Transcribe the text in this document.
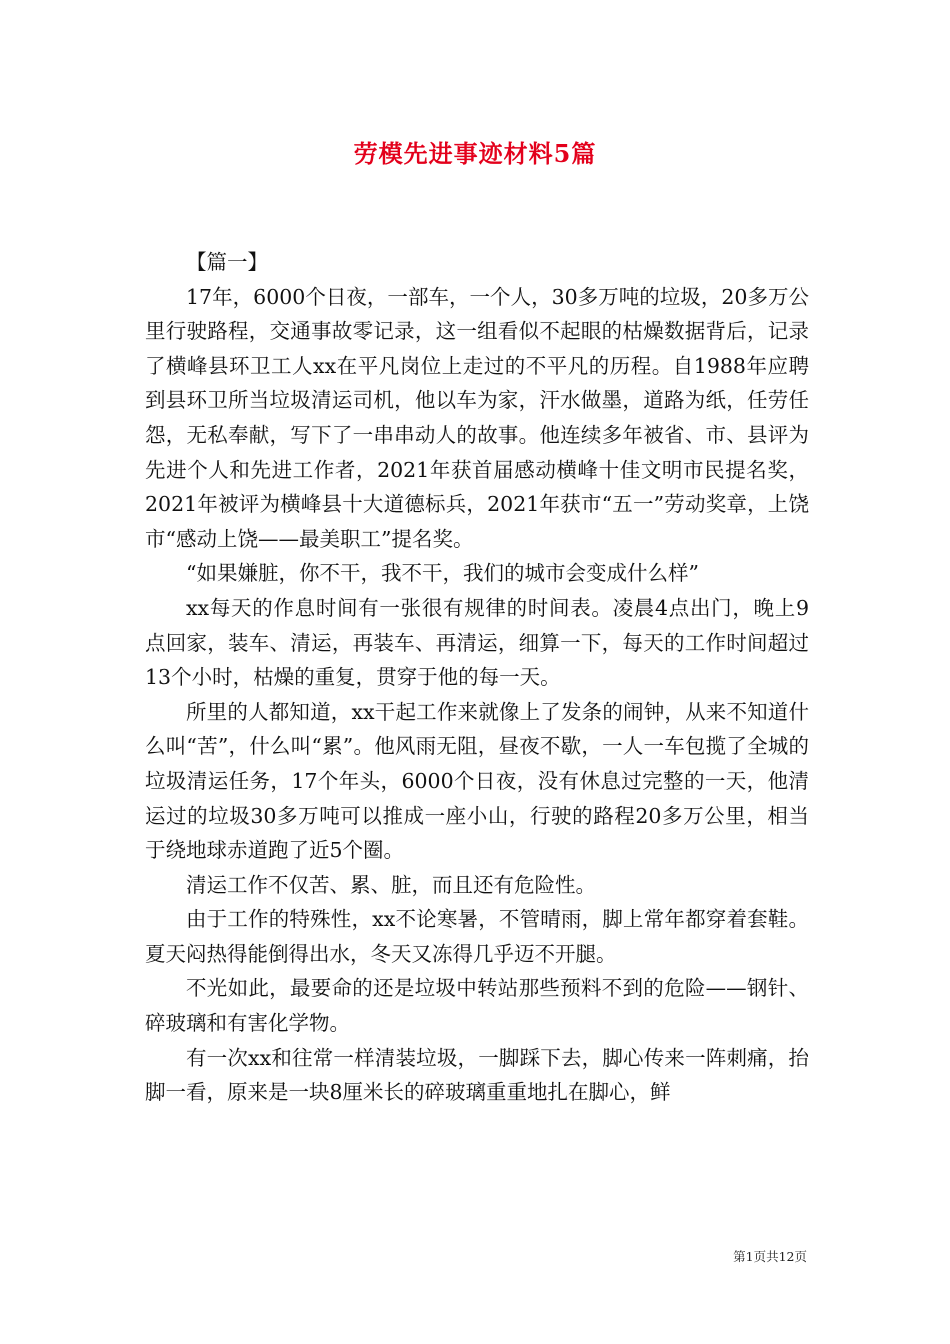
劳模先进事迹材料5篇

【篇一】

17年，6000个日夜，一部车，一个人，30多万吨的垃圾，20多万公里行驶路程，交通事故零记录，这一组看似不起眼的枯燥数据背后，记录了横峰县环卫工人xx在平凡岗位上走过的不平凡的历程。自1988年应聘到县环卫所当垃圾清运司机，他以车为家，汗水做墨，道路为纸，任劳任怨，无私奉献，写下了一串串动人的故事。他连续多年被省、市、县评为先进个人和先进工作者，2021年获首届感动横峰十佳文明市民提名奖，2021年被评为横峰县十大道德标兵，2021年获市“五一”劳动奖章，上饶市“感动上饶——最美职工”提名奖。

“如果嫌脏，你不干，我不干，我们的城市会变成什么样”

xx每天的作息时间有一张很有规律的时间表。凌晨4点出门，晚上9点回家，装车、清运，再装车、再清运，细算一下，每天的工作时间超过13个小时，枯燥的重复，贯穿于他的每一天。

所里的人都知道，xx干起工作来就像上了发条的闹钟，从来不知道什么叫“苦”，什么叫“累”。他风雨无阻，昼夜不歇，一人一车包揽了全城的垃圾清运任务，17个年头，6000个日夜，没有休息过完整的一天，他清运过的垃圾30多万吨可以推成一座小山，行驶的路程20多万公里，相当于绕地球赤道跑了近5个圈。

清运工作不仅苦、累、脏，而且还有危险性。

由于工作的特殊性，xx不论寒暑，不管晴雨，脚上常年都穿着套鞋。夏天闷热得能倒得出水，冬天又冻得几乎迈不开腿。

不光如此，最要命的还是垃圾中转站那些预料不到的危险——钢针、碎玻璃和有害化学物。

有一次xx和往常一样清装垃圾，一脚踩下去，脚心传来一阵刺痛，抬脚一看，原来是一块8厘米长的碎玻璃重重地扎在脚心，鲜

第1页共12页
